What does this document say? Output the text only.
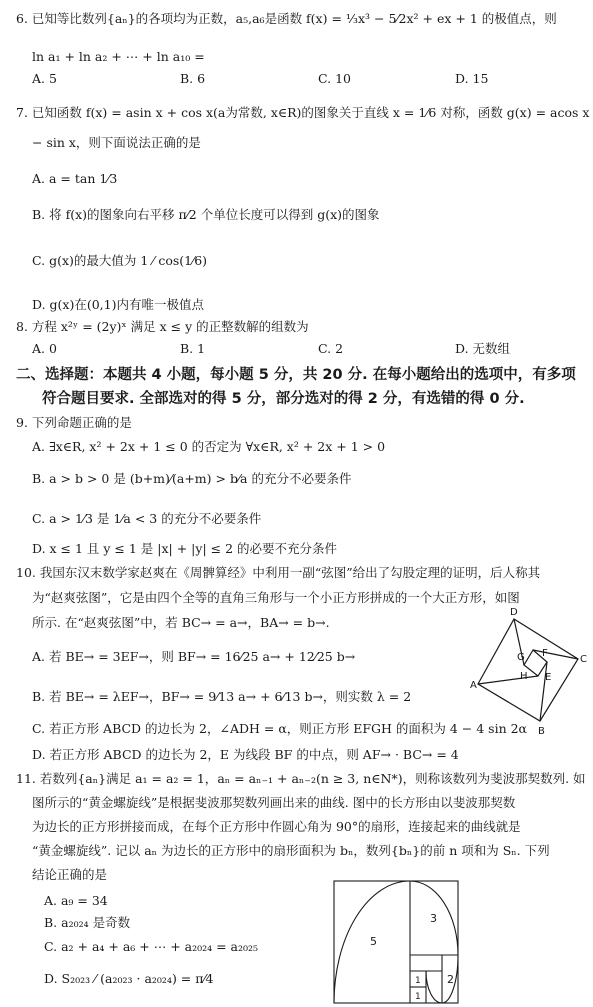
6. 已知等比数列{aₙ}的各项均为正数，a₅,a₆是函数 f(x) = ⅓x³ − 5⁄2x² + ex + 1 的极值点，则
ln a₁ + ln a₂ + ⋯ + ln a₁₀ =
A. 5	B. 6	C. 10	D. 15
7. 已知函数 f(x) = asin x + cos x(a为常数, x∈R)的图象关于直线 x = 1⁄6 对称，函数 g(x) = acos x
− sin x，则下面说法正确的是
A. a = tan 1⁄3
B. 将 f(x)的图象向右平移 π⁄2 个单位长度可以得到 g(x)的图象
C. g(x)的最大值为 1 ⁄ cos(1⁄6)
D. g(x)在(0,1)内有唯一极值点
8. 方程 x²ʸ = (2y)ˣ 满足 x ≤ y 的正整数解的组数为
A. 0	B. 1	C. 2	D. 无数组
二、选择题：本题共 4 小题，每小题 5 分，共 20 分. 在每小题给出的选项中，有多项
符合题目要求. 全部选对的得 5 分，部分选对的得 2 分，有选错的得 0 分.
9. 下列命题正确的是
A. ∃x∈R, x² + 2x + 1 ≤ 0 的否定为 ∀x∈R, x² + 2x + 1 > 0
B. a > b > 0 是 (b+m)⁄(a+m) > b⁄a 的充分不必要条件
C. a > 1⁄3 是 1⁄a < 3 的充分不必要条件
D. x ≤ 1 且 y ≤ 1 是 |x| + |y| ≤ 2 的必要不充分条件
10. 我国东汉末数学家赵爽在《周髀算经》中利用一副“弦图”给出了勾股定理的证明，后人称其
为“赵爽弦图”，它是由四个全等的直角三角形与一个小正方形拼成的一个大正方形，如图
所示. 在“赵爽弦图”中，若 BC→ = a→，BA→ = b→.
A. 若 BE→ = 3EF→，则 BF→ = 16⁄25 a→ + 12⁄25 b→
B. 若 BE→ = λEF→，BF→ = 9⁄13 a→ + 6⁄13 b→，则实数 λ = 2
C. 若正方形 ABCD 的边长为 2，∠ADH = α，则正方形 EFGH 的面积为 4 − 4 sin 2α
D. 若正方形 ABCD 的边长为 2，E 为线段 BF 的中点，则 AF→ · BC→ = 4
D
C
B
A
F
G
H E
11. 若数列{aₙ}满足 a₁ = a₂ = 1，aₙ = aₙ₋₁ + aₙ₋₂(n ≥ 3, n∈N*)，则称该数列为斐波那契数列. 如
图所示的“黄金螺旋线”是根据斐波那契数列画出来的曲线. 图中的长方形由以斐波那契数
为边长的正方形拼接而成，在每个正方形中作圆心角为 90°的扇形，连接起来的曲线就是
“黄金螺旋线”. 记以 aₙ 为边长的正方形中的扇形面积为 bₙ，数列{bₙ}的前 n 项和为 Sₙ. 下列
结论正确的是
A. a₉ = 34
B. a₂₀₂₄ 是奇数
C. a₂ + a₄ + a₆ + ⋯ + a₂₀₂₄ = a₂₀₂₅
D. S₂₀₂₃ ⁄ (a₂₀₂₃ · a₂₀₂₄) = π⁄4
5
3
2
1
1
